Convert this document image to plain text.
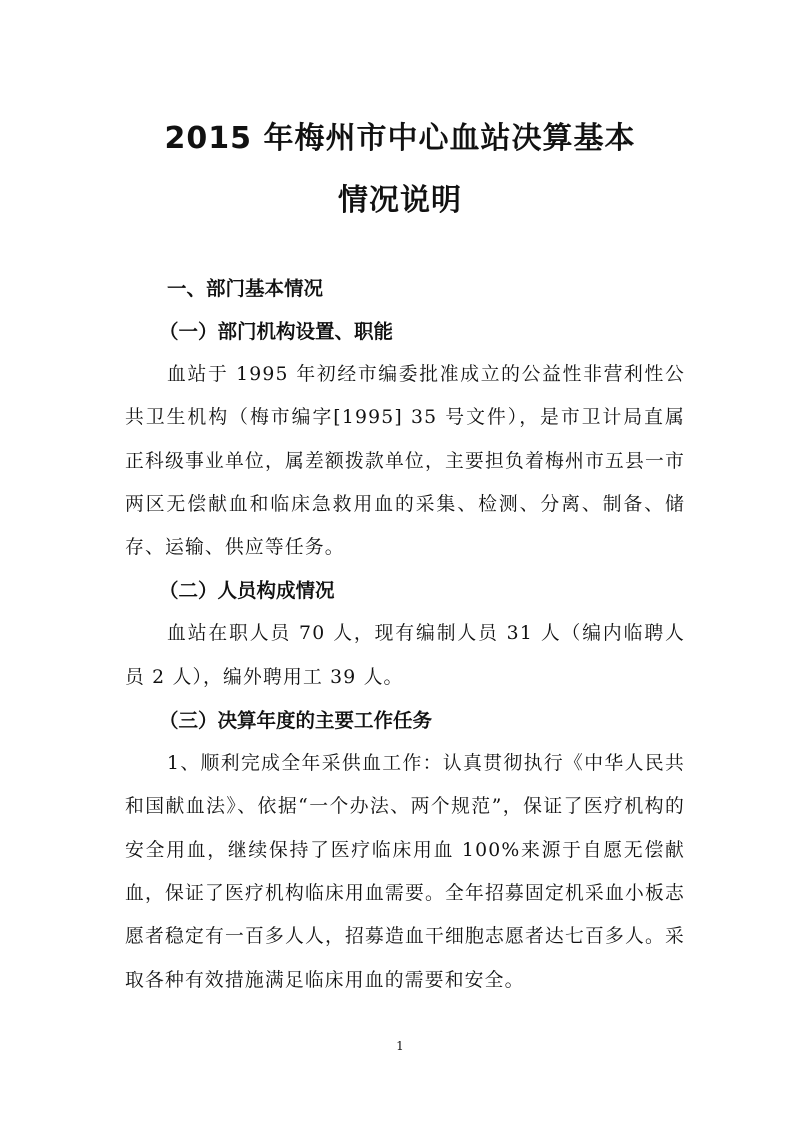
2015 年梅州市中心血站决算基本
情况说明

一、部门基本情况

（一）部门机构设置、职能

血站于 1995 年初经市编委批准成立的公益性非营利性公共卫生机构（梅市编字[1995] 35 号文件），是市卫计局直属正科级事业单位，属差额拨款单位，主要担负着梅州市五县一市两区无偿献血和临床急救用血的采集、检测、分离、制备、储存、运输、供应等任务。

（二）人员构成情况

血站在职人员 70 人，现有编制人员 31 人（编内临聘人员 2 人），编外聘用工 39 人。

（三）决算年度的主要工作任务

1、顺利完成全年采供血工作：认真贯彻执行《中华人民共和国献血法》、依据“一个办法、两个规范”，保证了医疗机构的安全用血，继续保持了医疗临床用血 100%来源于自愿无偿献血，保证了医疗机构临床用血需要。全年招募固定机采血小板志愿者稳定有一百多人人，招募造血干细胞志愿者达七百多人。采取各种有效措施满足临床用血的需要和安全。

1
